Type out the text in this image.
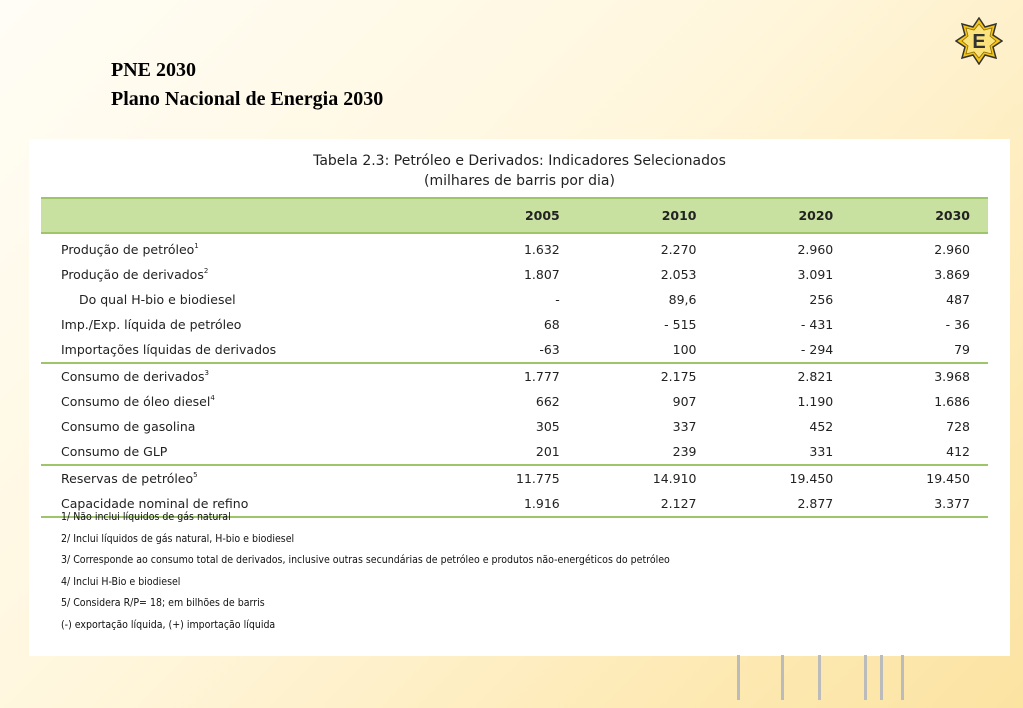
PNE 2030
Plano Nacional de Energia 2030
E
Tabela 2.3: Petróleo e Derivados: Indicadores Selecionados
(milhares de barris por dia)
	2005	2010	2020	2030
Produção de petróleo$^1$	1.632	2.270	2.960	2.960
Produção de derivados$^2$	1.807	2.053	3.091	3.869
Do qual H-bio e biodiesel	-	89,6	256	487
Imp./Exp. líquida de petróleo	68	- 515	- 431	- 36
Importações líquidas de derivados	-63	100	- 294	79
Consumo de derivados$^3$	1.777	2.175	2.821	3.968
Consumo de óleo diesel$^4$	662	907	1.190	1.686
Consumo de gasolina	305	337	452	728
Consumo de GLP	201	239	331	412
Reservas de petróleo$^5$	11.775	14.910	19.450	19.450
Capacidade nominal de refino	1.916	2.127	2.877	3.377
1/ Não inclui líquidos de gás natural
2/ Inclui líquidos de gás natural, H-bio e biodiesel
3/ Corresponde ao consumo total de derivados, inclusive outras secundárias de petróleo e produtos não-energéticos do petróleo
4/ Inclui H-Bio e biodiesel
5/ Considera R/P= 18; em bilhões de barris
(-) exportação líquida, (+) importação líquida
